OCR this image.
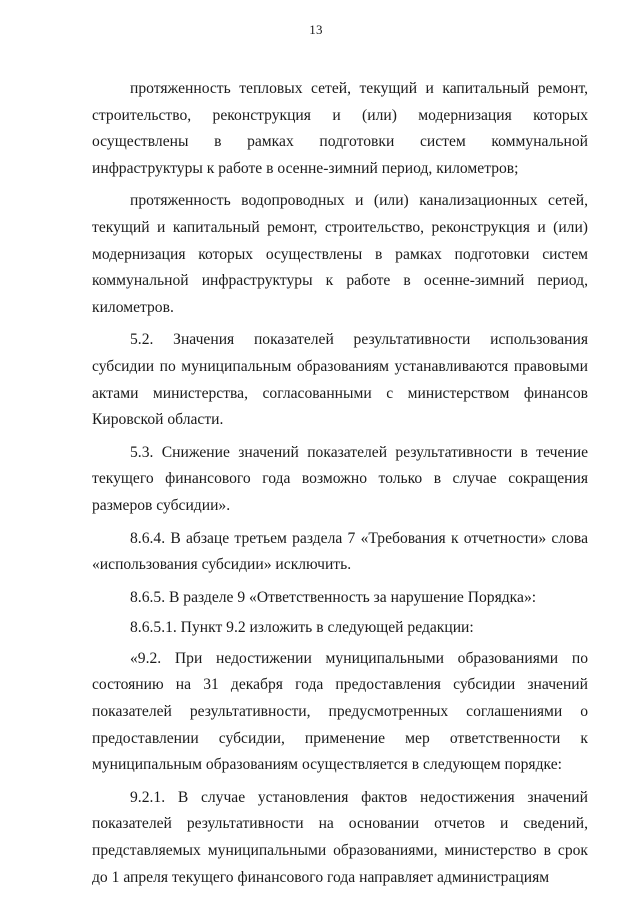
13

протяженность тепловых сетей, текущий и капитальный ремонт, строительство, реконструкция и (или) модернизация которых осуществлены в рамках подготовки систем коммунальной инфраструктуры к работе в осенне-зимний период, километров;

протяженность водопроводных и (или) канализационных сетей, текущий и капитальный ремонт, строительство, реконструкция и (или) модернизация которых осуществлены в рамках подготовки систем коммунальной инфраструктуры к работе в осенне-зимний период, километров.

5.2. Значения показателей результативности использования субсидии по муниципальным образованиям устанавливаются правовыми актами министерства, согласованными с министерством финансов Кировской области.

5.3. Снижение значений показателей результативности в течение текущего финансового года возможно только в случае сокращения размеров субсидии».

8.6.4. В абзаце третьем раздела 7 «Требования к отчетности» слова «использования субсидии» исключить.

8.6.5. В разделе 9 «Ответственность за нарушение Порядка»:

8.6.5.1. Пункт 9.2 изложить в следующей редакции:

«9.2. При недостижении муниципальными образованиями по состоянию на 31 декабря года предоставления субсидии значений показателей результативности, предусмотренных соглашениями о предоставлении субсидии, применение мер ответственности к муниципальным образованиям осуществляется в следующем порядке:

9.2.1. В случае установления фактов недостижения значений показателей результативности на основании отчетов и сведений, представляемых муниципальными образованиями, министерство в срок до 1 апреля текущего финансового года направляет администрациям
